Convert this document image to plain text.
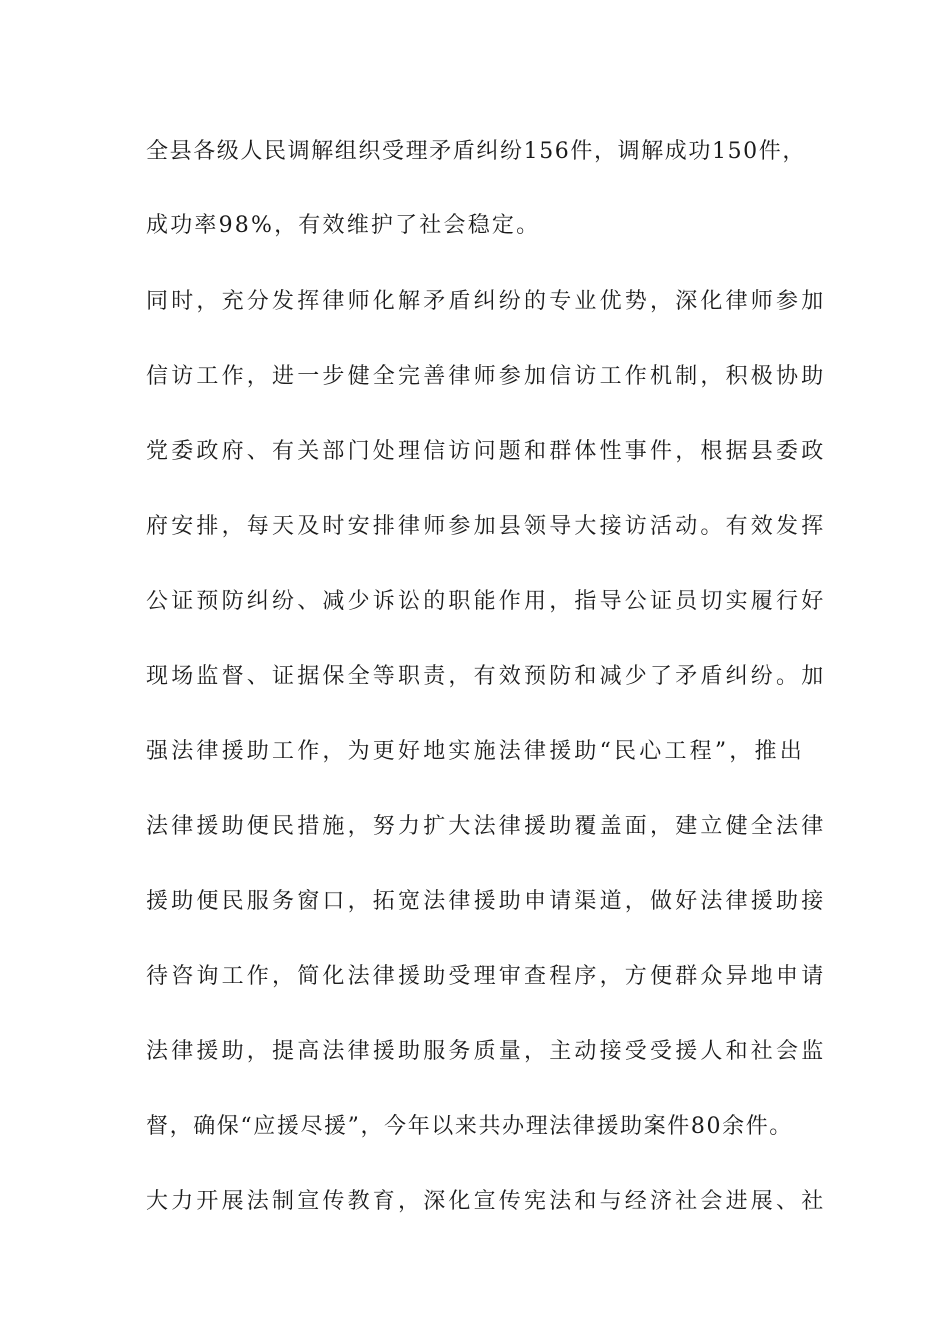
全县各级人民调解组织受理矛盾纠纷156件，调解成功150件，
成功率98%，有效维护了社会稳定。
同时，充分发挥律师化解矛盾纠纷的专业优势，深化律师参加
信访工作，进一步健全完善律师参加信访工作机制，积极协助
党委政府、有关部门处理信访问题和群体性事件，根据县委政
府安排，每天及时安排律师参加县领导大接访活动。有效发挥
公证预防纠纷、减少诉讼的职能作用，指导公证员切实履行好
现场监督、证据保全等职责，有效预防和减少了矛盾纠纷。加
强法律援助工作，为更好地实施法律援助“民心工程”，推出
法律援助便民措施，努力扩大法律援助覆盖面，建立健全法律
援助便民服务窗口，拓宽法律援助申请渠道，做好法律援助接
待咨询工作，简化法律援助受理审查程序，方便群众异地申请
法律援助，提高法律援助服务质量，主动接受受援人和社会监
督，确保“应援尽援”，今年以来共办理法律援助案件80余件。
大力开展法制宣传教育，深化宣传宪法和与经济社会进展、社
